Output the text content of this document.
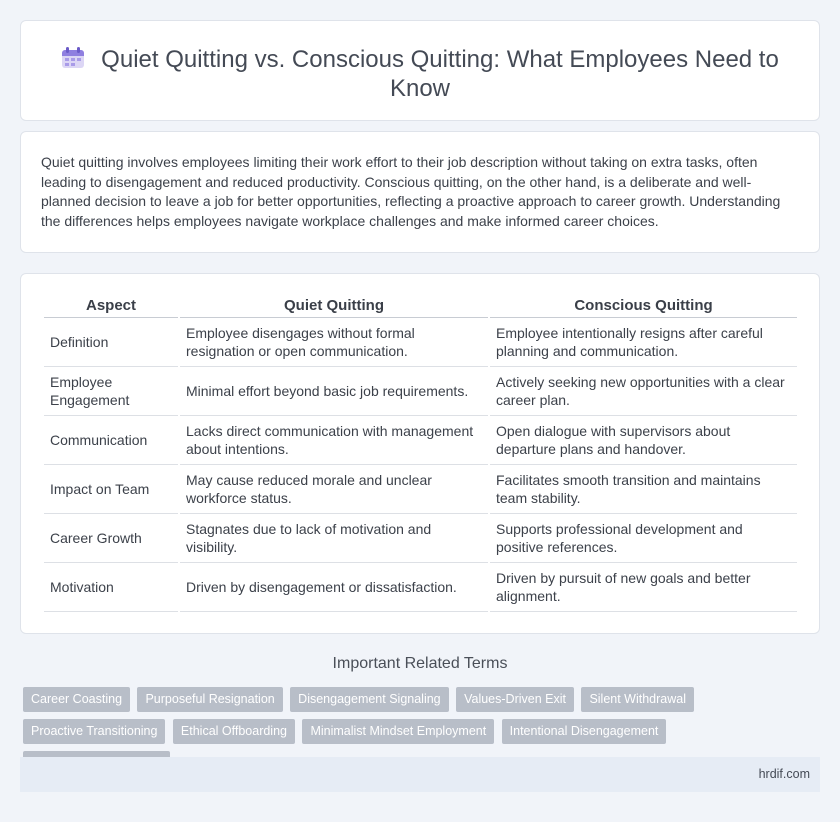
Quiet Quitting vs. Conscious Quitting: What Employees Need to Know

Quiet quitting involves employees limiting their work effort to their job description without taking on extra tasks, often leading to disengagement and reduced productivity. Conscious quitting, on the other hand, is a deliberate and well-planned decision to leave a job for better opportunities, reflecting a proactive approach to career growth. Understanding the differences helps employees navigate workplace challenges and make informed career choices.

Aspect	Quiet Quitting	Conscious Quitting
Definition	Employee disengages without formal resignation or open communication.	Employee intentionally resigns after careful planning and communication.
Employee Engagement	Minimal effort beyond basic job requirements.	Actively seeking new opportunities with a clear career plan.
Communication	Lacks direct communication with management about intentions.	Open dialogue with supervisors about departure plans and handover.
Impact on Team	May cause reduced morale and unclear workforce status.	Facilitates smooth transition and maintains team stability.
Career Growth	Stagnates due to lack of motivation and visibility.	Supports professional development and positive references.
Motivation	Driven by disengagement or dissatisfaction.	Driven by pursuit of new goals and better alignment.
Important Related Terms
Career Coasting Purposeful Resignation Disengagement Signaling Values-Driven Exit Silent Withdrawal Proactive Transitioning Ethical Offboarding Minimalist Mindset Employment Intentional Disengagement
hrdif.com
